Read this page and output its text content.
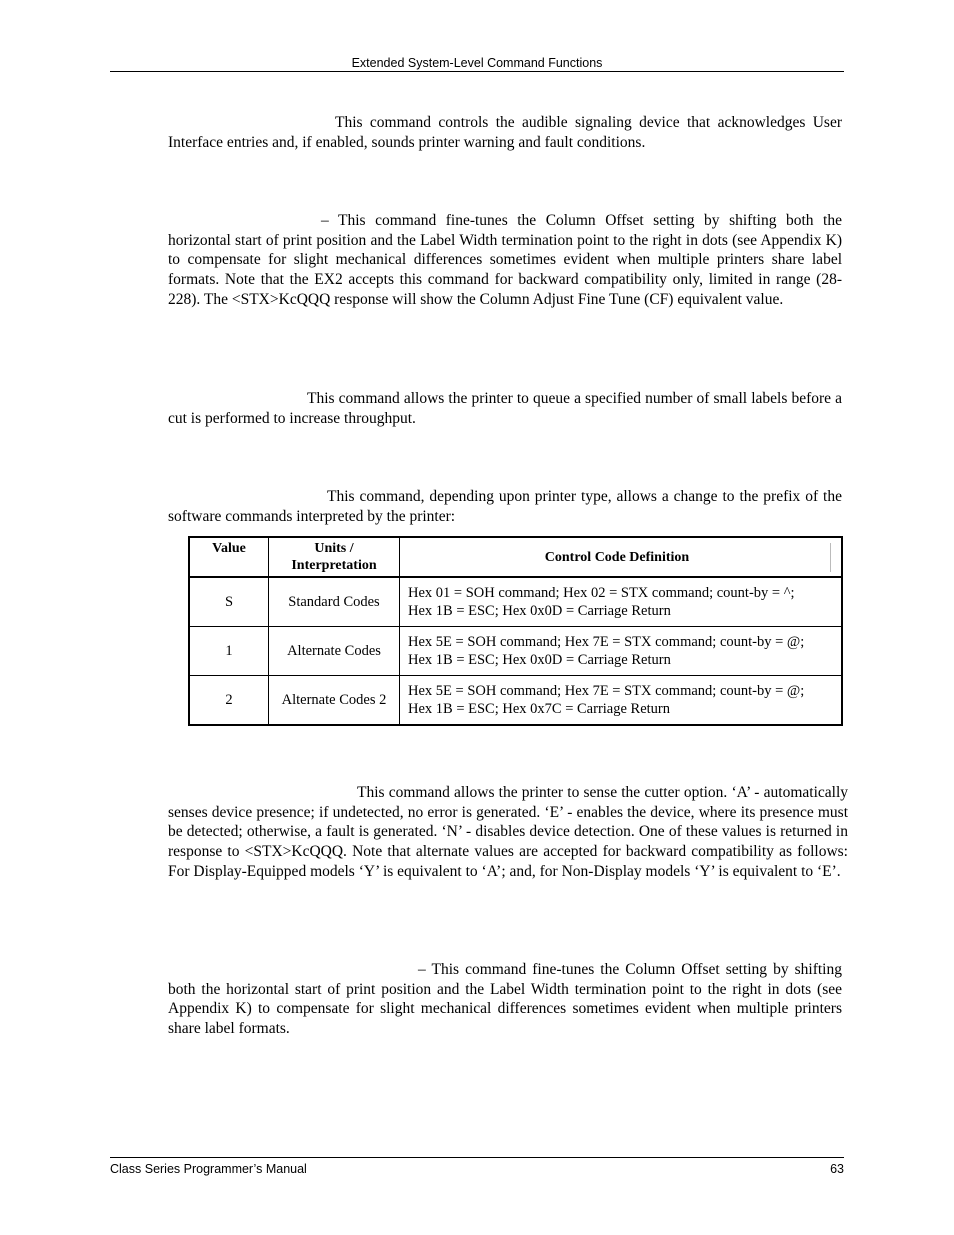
Extended System-Level Command Functions

This command controls the audible signaling device that acknowledges User Interface entries and, if enabled, sounds printer warning and fault conditions.

– This command fine-tunes the Column Offset setting by shifting both the horizontal start of print position and the Label Width termination point to the right in dots (see Appendix K) to compensate for slight mechanical differences sometimes evident when multiple printers share label formats. Note that the EX2 accepts this command for backward compatibility only, limited in range (28-228). The <STX>KcQQQ response will show the Column Adjust Fine Tune (CF) equivalent value.

This command allows the printer to queue a specified number of small labels before a cut is performed to increase throughput.

This command, depending upon printer type, allows a change to the prefix of the software commands interpreted by the printer:

Value	Units / Interpretation	Control Code Definition

S	Standard Codes	Hex 01 = SOH command; Hex 02 = STX command; count-by = ^;
Hex 1B = ESC; Hex 0x0D = Carriage Return

1	Alternate Codes	Hex 5E = SOH command; Hex 7E = STX command; count-by = @;
Hex 1B = ESC; Hex 0x0D = Carriage Return

2	Alternate Codes 2	Hex 5E = SOH command; Hex 7E = STX command; count-by = @;
Hex 1B = ESC; Hex 0x7C = Carriage Return

This command allows the printer to sense the cutter option. ‘A’ - automatically senses device presence; if undetected, no error is generated. ‘E’ - enables the device, where its presence must be detected; otherwise, a fault is generated. ‘N’ - disables device detection. One of these values is returned in response to <STX>KcQQQ. Note that alternate values are accepted for backward compatibility as follows: For Display-Equipped models ‘Y’ is equivalent to ‘A’; and, for Non-Display models ‘Y’ is equivalent to ‘E’.

– This command fine-tunes the Column Offset setting by shifting both the horizontal start of print position and the Label Width termination point to the right in dots (see Appendix K) to compensate for slight mechanical differences sometimes evident when multiple printers share label formats.

Class Series Programmer’s Manual	63
